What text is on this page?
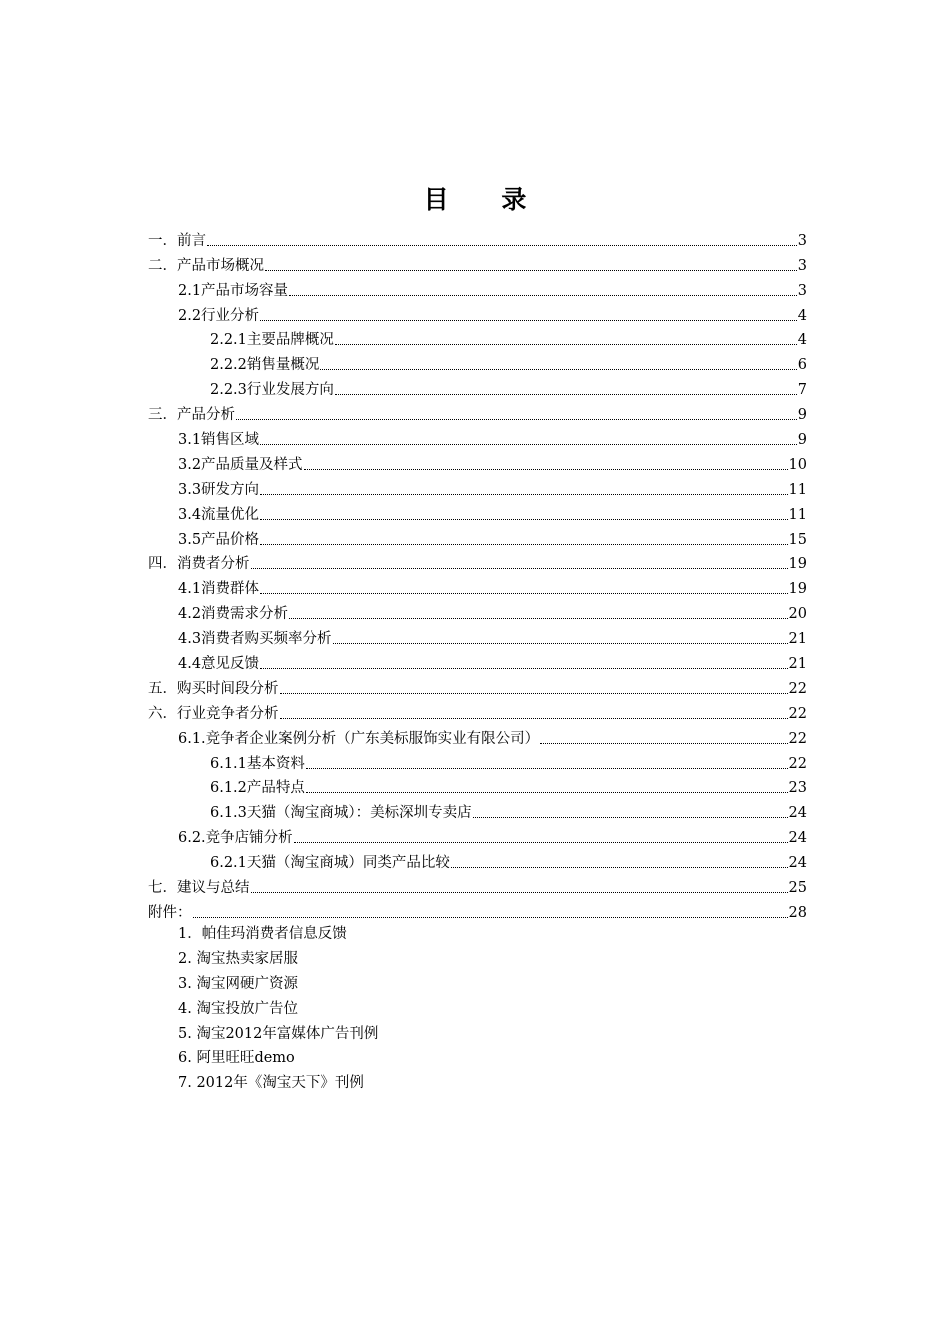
目 录
一．前言	3
二．产品市场概况	3
2.1产品市场容量	3
2.2行业分析	4
2.2.1主要品牌概况	4
2.2.2销售量概况	6
2.2.3行业发展方向	7
三．产品分析	9
3.1销售区域	9
3.2产品质量及样式	10
3.3研发方向	11
3.4流量优化	11
3.5产品价格	15
四．消费者分析	19
4.1消费群体	19
4.2消费需求分析	20
4.3消费者购买频率分析	21
4.4意见反馈	21
五．购买时间段分析	22
六．行业竞争者分析	22
6.1.竞争者企业案例分析（广东美标服饰实业有限公司）	22
6.1.1基本资料	22
6.1.2产品特点	23
6.1.3天猫（淘宝商城）：美标深圳专卖店	24
6.2.竞争店铺分析	24
6.2.1天猫（淘宝商城）同类产品比较	24
七．建议与总结	25
附件：	28
1．帕佳玛消费者信息反馈
2. 淘宝热卖家居服
3. 淘宝网硬广资源
4. 淘宝投放广告位
5. 淘宝2012年富媒体广告刊例
6. 阿里旺旺demo
7. 2012年《淘宝天下》刊例
